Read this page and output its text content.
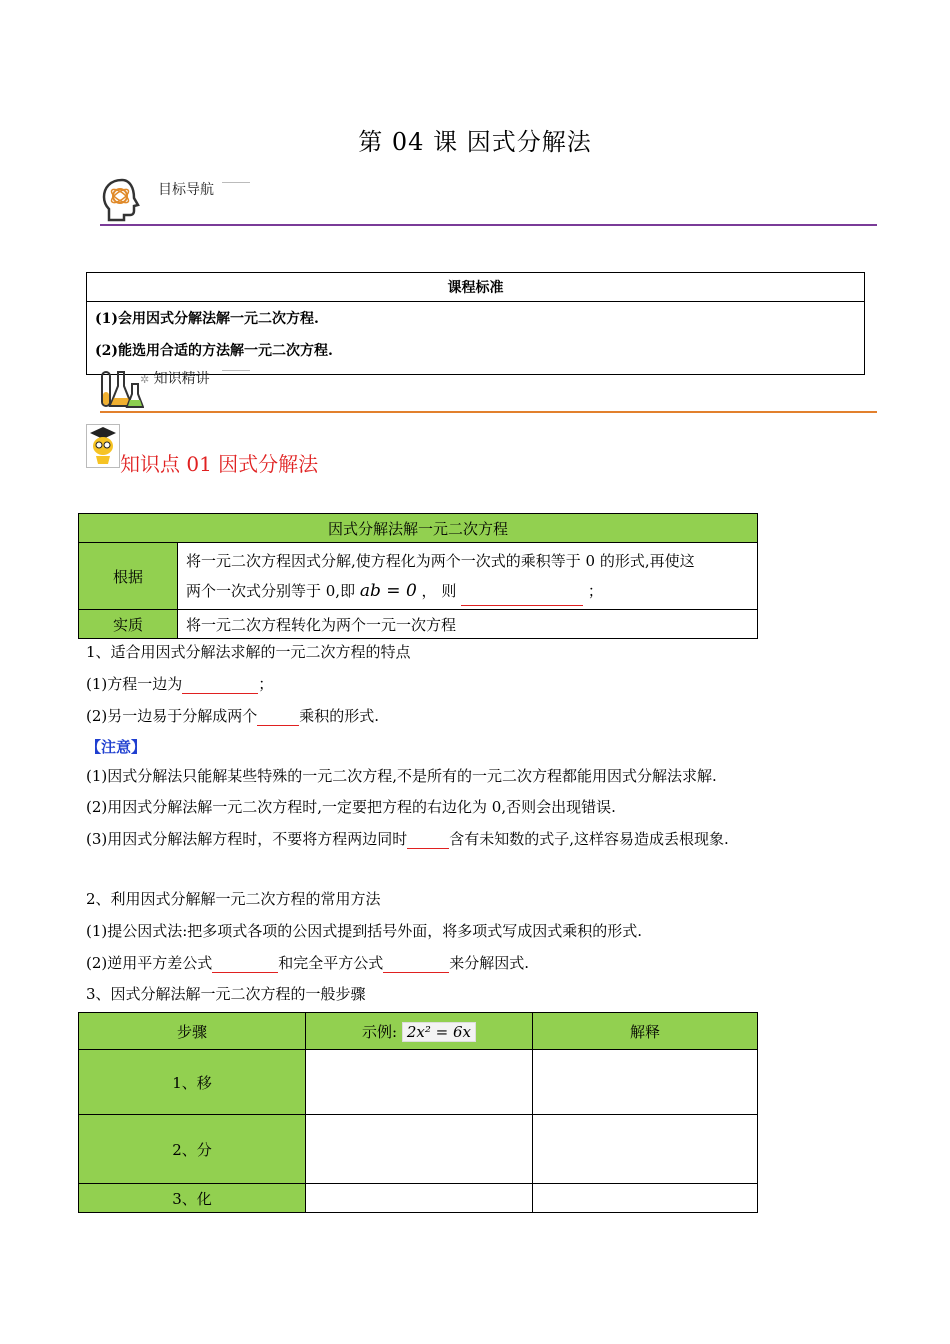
第 04 课 因式分解法
目标导航
课程标准

(1)会用因式分解法解一元二次方程.
(2)能选用合适的方法解一元二次方程.
✲ 知识精讲
知识点 01 因式分解法
因式分解法解一元二次方程	
根据	将一元二次方程因式分解,使方程化为两个一次式的乘积等于 0 的形式,再使这
两个一次式分别等于 0,即 ab = 0 ， 则 ；

实质	将一元二次方程转化为两个一元一次方程
1、适合用因式分解法求解的一元二次方程的特点
(1)方程一边为	；
(2)另一边易于分解成两个	乘积的形式.
【注意】
(1)因式分解法只能解某些特殊的一元二次方程,不是所有的一元二次方程都能用因式分解法求解.
(2)用因式分解法解一元二次方程时,一定要把方程的右边化为 0,否则会出现错误.
(3)用因式分解法解方程时，不要将方程两边同时	含有未知数的式子,这样容易造成丢根现象.
2、利用因式分解解一元二次方程的常用方法
(1)提公因式法:把多项式各项的公因式提到括号外面，将多项式写成因式乘积的形式.
(2)逆用平方差公式	和完全平方公式	来分解因式.
3、因式分解法解一元二次方程的一般步骤
步骤	示例: 2x² = 6x	解释
1、移		
2、分		
3、化		
